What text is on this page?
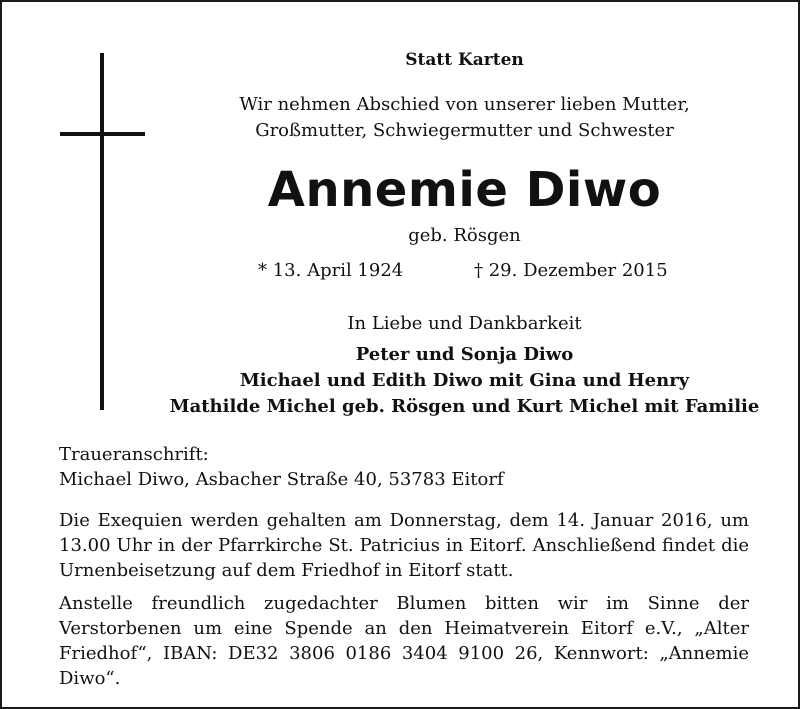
Statt Karten
Wir nehmen Abschied von unserer lieben Mutter,
Großmutter, Schwiegermutter und Schwester
Annemie Diwo
geb. Rösgen
* 13. April 1924	† 29. Dezember 2015
In Liebe und Dankbarkeit
Peter und Sonja Diwo
Michael und Edith Diwo mit Gina und Henry
Mathilde Michel geb. Rösgen und Kurt Michel mit Familie
Traueranschrift:
Michael Diwo, Asbacher Straße 40, 53783 Eitorf
Die Exequien werden gehalten am Donnerstag, dem 14. Januar 2016, um 13.00 Uhr in der Pfarrkirche St. Patricius in Eitorf. Anschließend findet die Urnenbeisetzung auf dem Friedhof in Eitorf statt.
Anstelle freundlich zugedachter Blumen bitten wir im Sinne der Verstorbenen um eine Spende an den Heimatverein Eitorf e.V., „Alter Friedhof“, IBAN: DE32 3806 0186 3404 9100 26, Kennwort: „Annemie Diwo“.
